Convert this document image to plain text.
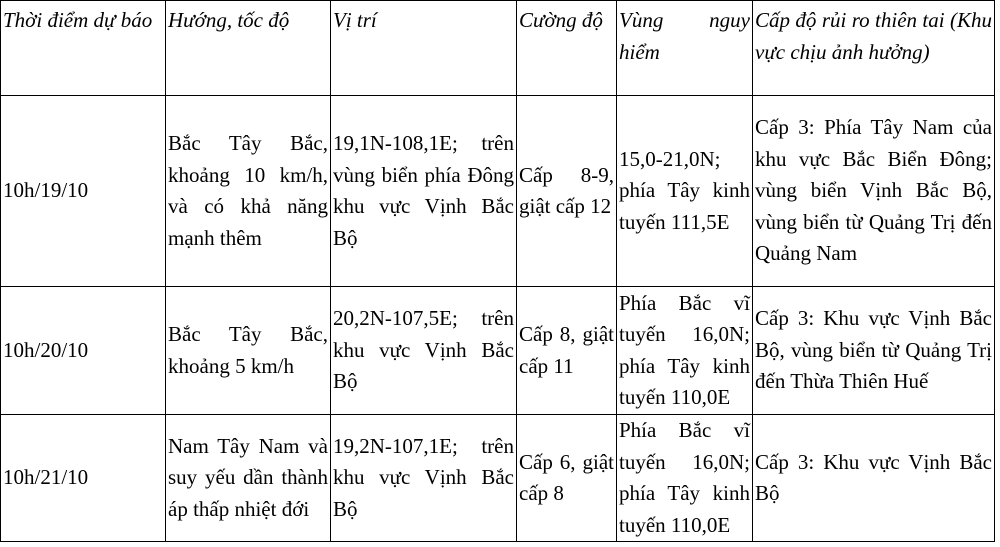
Thời điểm dự báo	Hướng, tốc độ	Vị trí	Cường độ	Vùng nguy hiểm	Cấp độ rủi ro thiên tai (Khu vực chịu ảnh hưởng)
10h/19/10	Bắc Tây Bắc, khoảng 10 km/h, và có khả năng mạnh thêm	19,1N-108,1E; trên vùng biển phía Đông khu vực Vịnh Bắc Bộ	Cấp 8-9, giật cấp 12	15,0-21,0N; phía Tây kinh tuyến 111,5E	Cấp 3: Phía Tây Nam của khu vực Bắc Biển Đông; vùng biển Vịnh Bắc Bộ, vùng biển từ Quảng Trị đến Quảng Nam
10h/20/10	Bắc Tây Bắc, khoảng 5 km/h	20,2N-107,5E; trên khu vực Vịnh Bắc Bộ	Cấp 8, giật cấp 11	Phía Bắc vĩ tuyến 16,0N; phía Tây kinh tuyến 110,0E	Cấp 3: Khu vực Vịnh Bắc Bộ, vùng biển từ Quảng Trị đến Thừa Thiên Huế
10h/21/10	Nam Tây Nam và suy yếu dần thành áp thấp nhiệt đới	19,2N-107,1E; trên khu vực Vịnh Bắc Bộ	Cấp 6, giật cấp 8	Phía Bắc vĩ tuyến 16,0N; phía Tây kinh tuyến 110,0E	Cấp 3: Khu vực Vịnh Bắc Bộ
